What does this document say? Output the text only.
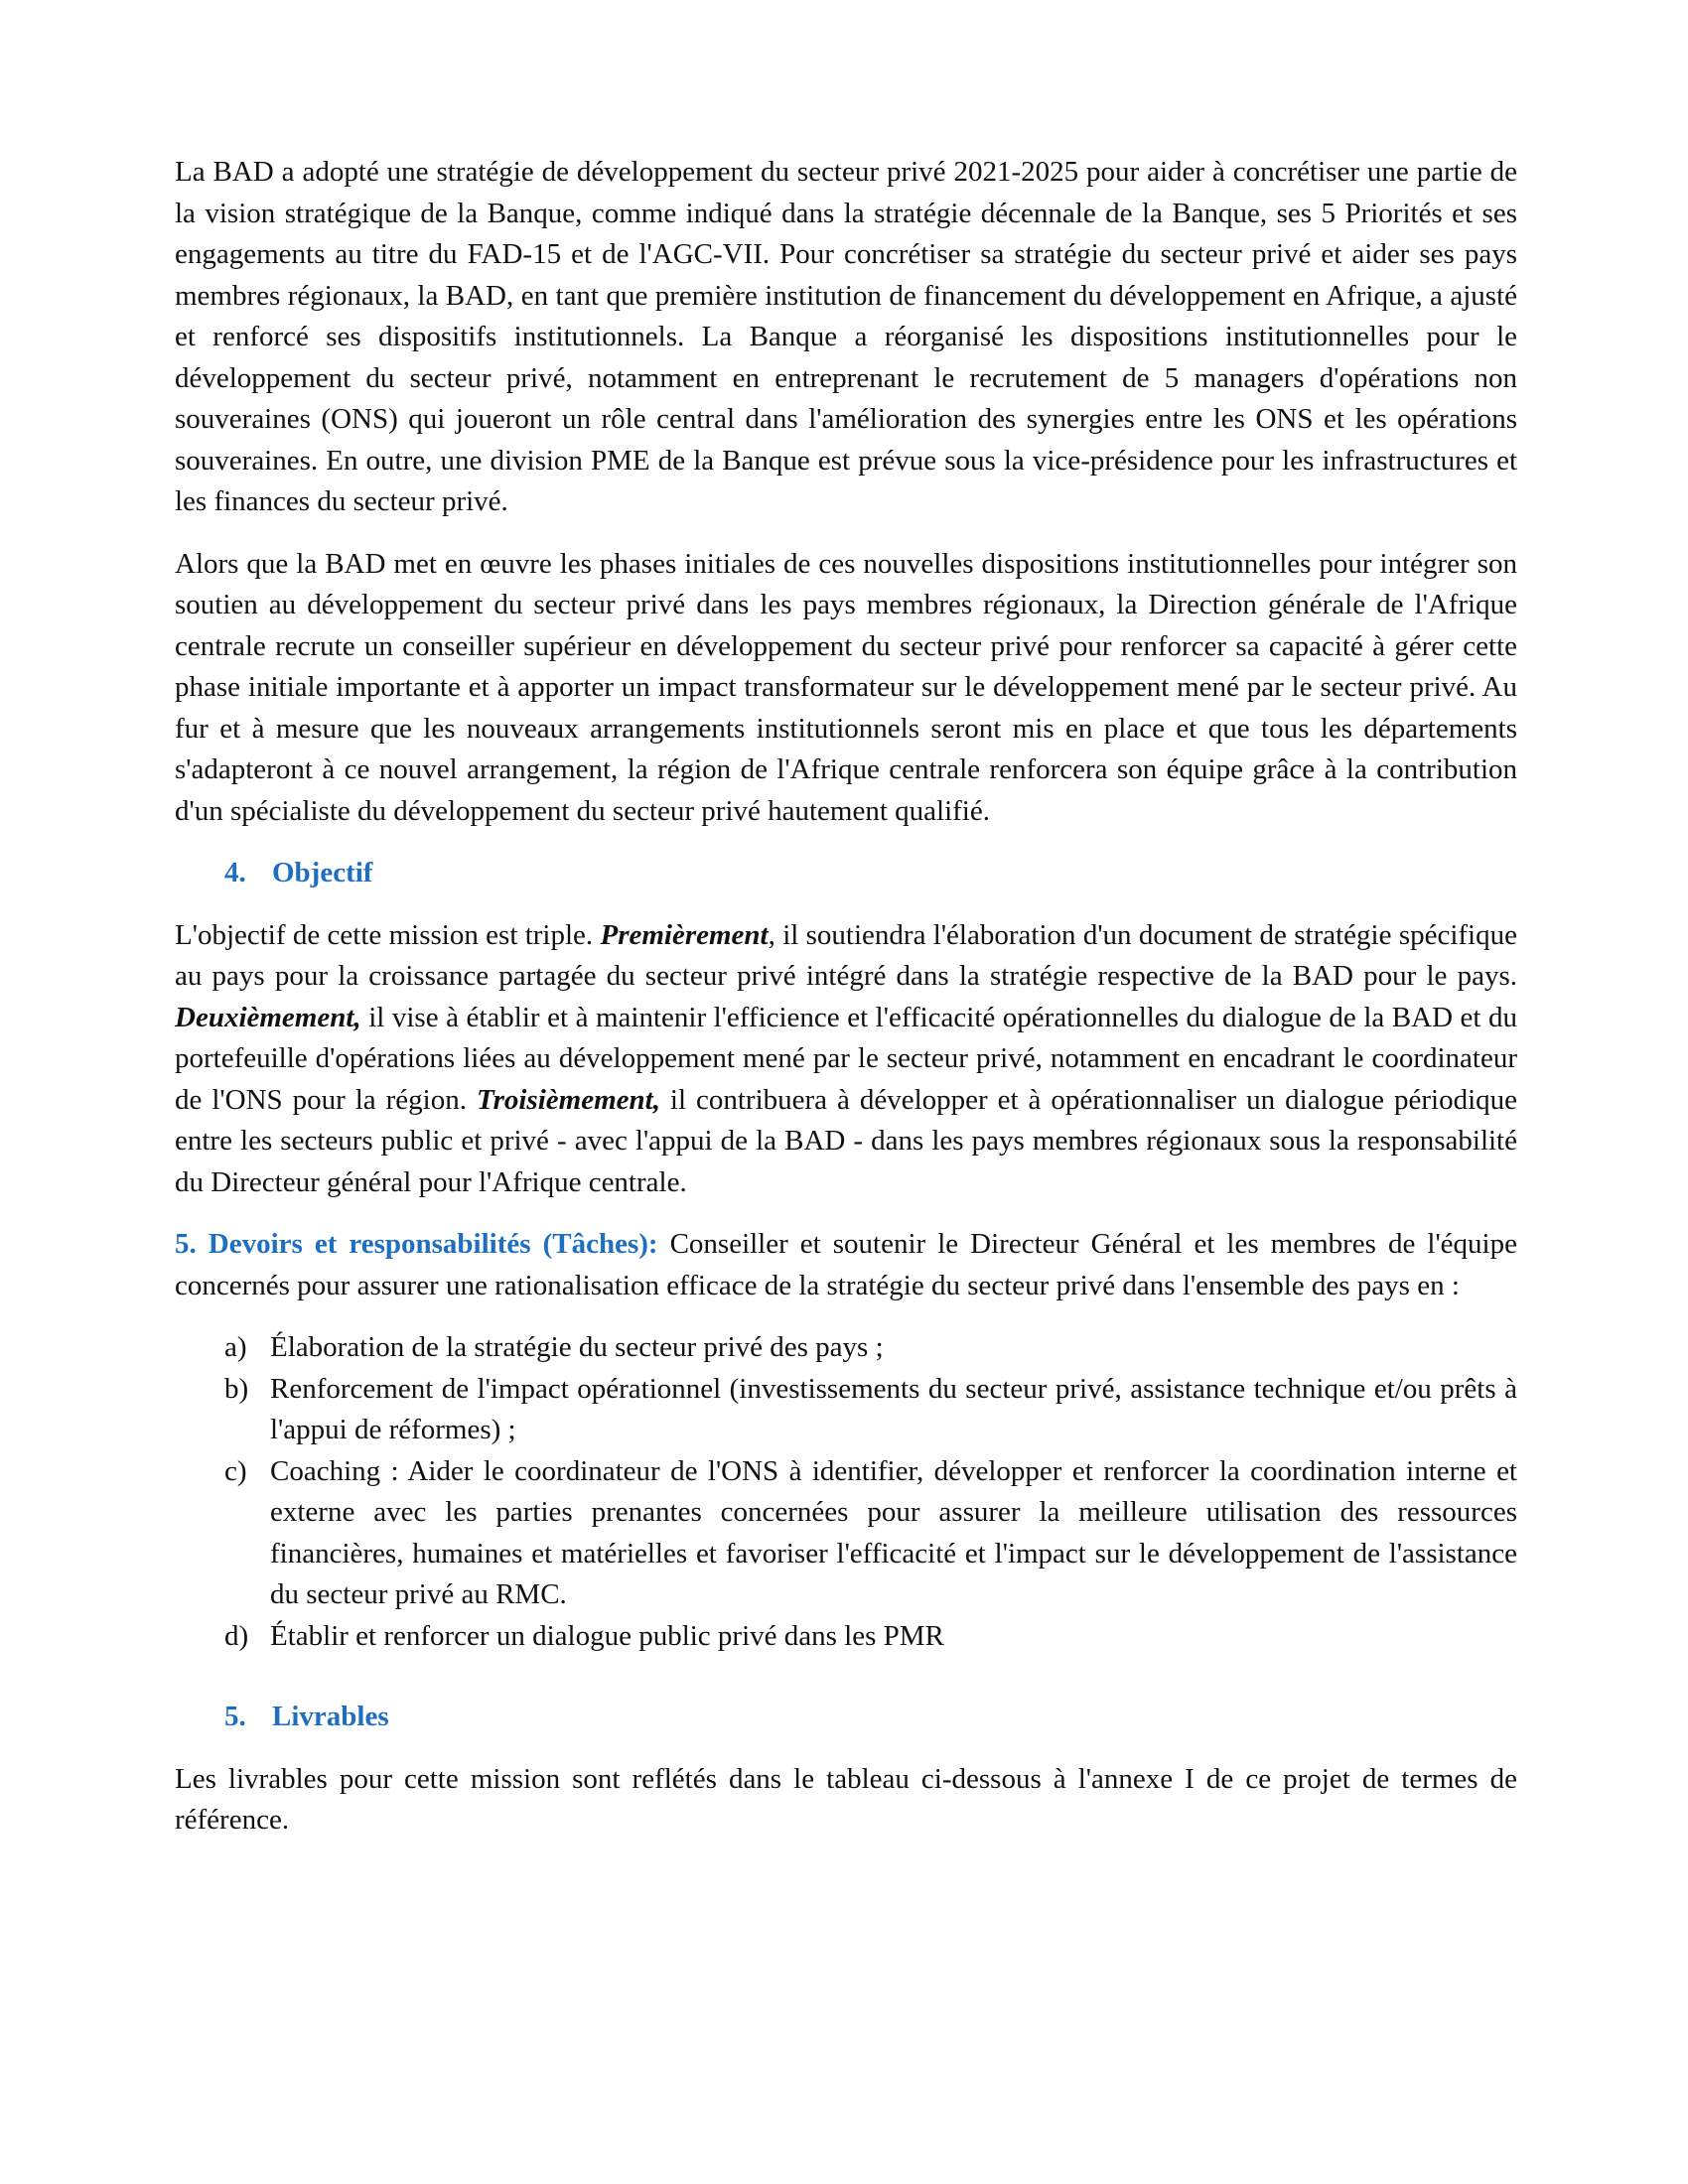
La BAD a adopté une stratégie de développement du secteur privé 2021-2025 pour aider à concrétiser une partie de la vision stratégique de la Banque, comme indiqué dans la stratégie décennale de la Banque, ses 5 Priorités et ses engagements au titre du FAD-15 et de l'AGC-VII. Pour concrétiser sa stratégie du secteur privé et aider ses pays membres régionaux, la BAD, en tant que première institution de financement du développement en Afrique, a ajusté et renforcé ses dispositifs institutionnels. La Banque a réorganisé les dispositions institutionnelles pour le développement du secteur privé, notamment en entreprenant le recrutement de 5 managers d'opérations non souveraines (ONS) qui joueront un rôle central dans l'amélioration des synergies entre les ONS et les opérations souveraines. En outre, une division PME de la Banque est prévue sous la vice-présidence pour les infrastructures et les finances du secteur privé.

Alors que la BAD met en œuvre les phases initiales de ces nouvelles dispositions institutionnelles pour intégrer son soutien au développement du secteur privé dans les pays membres régionaux, la Direction générale de l'Afrique centrale recrute un conseiller supérieur en développement du secteur privé pour renforcer sa capacité à gérer cette phase initiale importante et à apporter un impact transformateur sur le développement mené par le secteur privé. Au fur et à mesure que les nouveaux arrangements institutionnels seront mis en place et que tous les départements s'adapteront à ce nouvel arrangement, la région de l'Afrique centrale renforcera son équipe grâce à la contribution d'un spécialiste du développement du secteur privé hautement qualifié.

4. Objectif

L'objectif de cette mission est triple. Premièrement, il soutiendra l'élaboration d'un document de stratégie spécifique au pays pour la croissance partagée du secteur privé intégré dans la stratégie respective de la BAD pour le pays. Deuxièmement, il vise à établir et à maintenir l'efficience et l'efficacité opérationnelles du dialogue de la BAD et du portefeuille d'opérations liées au développement mené par le secteur privé, notamment en encadrant le coordinateur de l'ONS pour la région. Troisièmement, il contribuera à développer et à opérationnaliser un dialogue périodique entre les secteurs public et privé - avec l'appui de la BAD - dans les pays membres régionaux sous la responsabilité du Directeur général pour l'Afrique centrale.

5. Devoirs et responsabilités (Tâches): Conseiller et soutenir le Directeur Général et les membres de l'équipe concernés pour assurer une rationalisation efficace de la stratégie du secteur privé dans l'ensemble des pays en :

a) Élaboration de la stratégie du secteur privé des pays ;
b) Renforcement de l'impact opérationnel (investissements du secteur privé, assistance technique et/ou prêts à l'appui de réformes) ;
c) Coaching : Aider le coordinateur de l'ONS à identifier, développer et renforcer la coordination interne et externe avec les parties prenantes concernées pour assurer la meilleure utilisation des ressources financières, humaines et matérielles et favoriser l'efficacité et l'impact sur le développement de l'assistance du secteur privé au RMC.
d) Établir et renforcer un dialogue public privé dans les PMR
5. Livrables

Les livrables pour cette mission sont reflétés dans le tableau ci-dessous à l'annexe I de ce projet de termes de référence.
